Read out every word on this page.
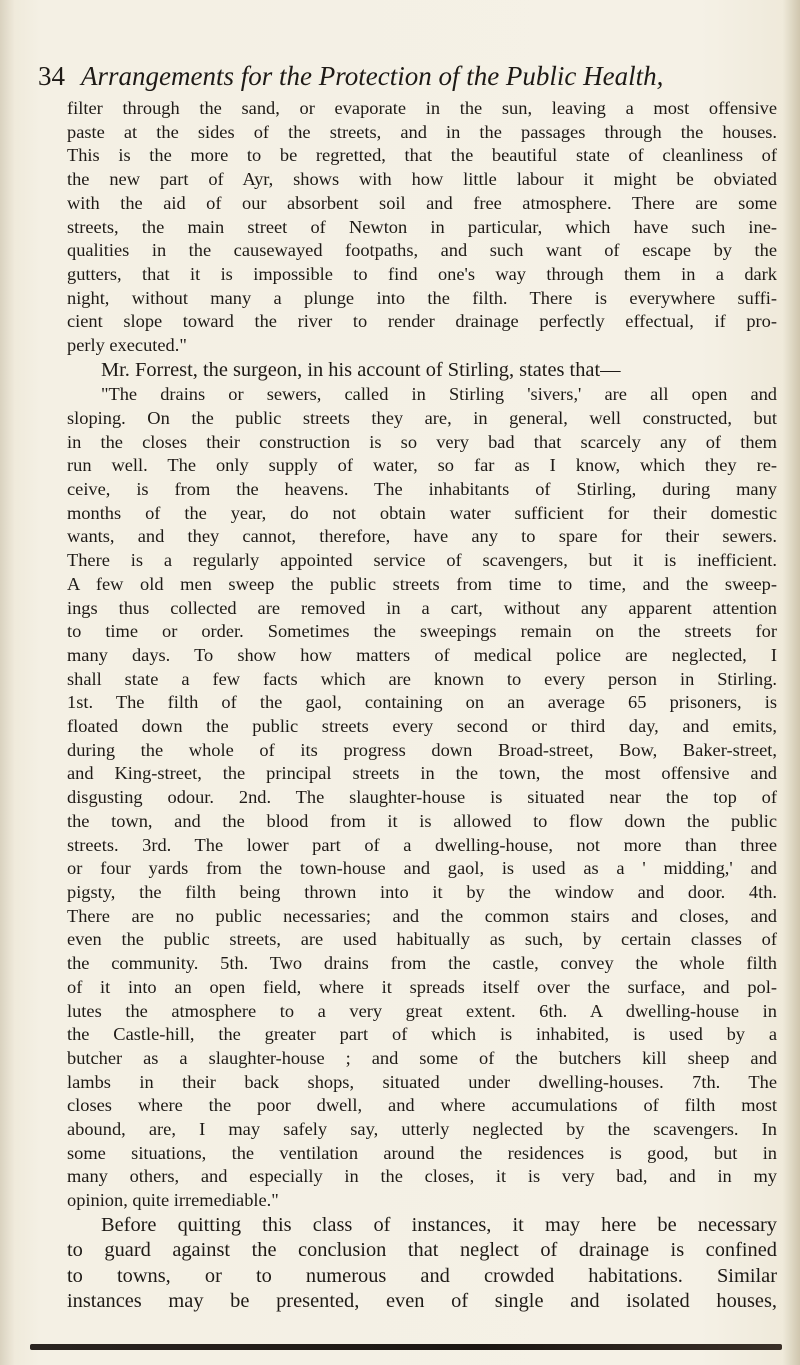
34 Arrangements for the Protection of the Public Health,
filter through the sand, or evaporate in the sun, leaving a most offensive
paste at the sides of the streets, and in the passages through the houses.
This is the more to be regretted, that the beautiful state of cleanliness of
the new part of Ayr, shows with how little labour it might be obviated
with the aid of our absorbent soil and free atmosphere. There are some
streets, the main street of Newton in particular, which have such ine-
qualities in the causewayed footpaths, and such want of escape by the
gutters, that it is impossible to find one's way through them in a dark
night, without many a plunge into the filth. There is everywhere suffi-
cient slope toward the river to render drainage perfectly effectual, if pro-
perly executed."
Mr. Forrest, the surgeon, in his account of Stirling, states that—
"The drains or sewers, called in Stirling 'sivers,' are all open and
sloping. On the public streets they are, in general, well constructed, but
in the closes their construction is so very bad that scarcely any of them
run well. The only supply of water, so far as I know, which they re-
ceive, is from the heavens. The inhabitants of Stirling, during many
months of the year, do not obtain water sufficient for their domestic
wants, and they cannot, therefore, have any to spare for their sewers.
There is a regularly appointed service of scavengers, but it is inefficient.
A few old men sweep the public streets from time to time, and the sweep-
ings thus collected are removed in a cart, without any apparent attention
to time or order. Sometimes the sweepings remain on the streets for
many days. To show how matters of medical police are neglected, I
shall state a few facts which are known to every person in Stirling.
1st. The filth of the gaol, containing on an average 65 prisoners, is
floated down the public streets every second or third day, and emits,
during the whole of its progress down Broad-street, Bow, Baker-street,
and King-street, the principal streets in the town, the most offensive and
disgusting odour. 2nd. The slaughter-house is situated near the top of
the town, and the blood from it is allowed to flow down the public
streets. 3rd. The lower part of a dwelling-house, not more than three
or four yards from the town-house and gaol, is used as a ' midding,' and
pigsty, the filth being thrown into it by the window and door. 4th.
There are no public necessaries; and the common stairs and closes, and
even the public streets, are used habitually as such, by certain classes of
the community. 5th. Two drains from the castle, convey the whole filth
of it into an open field, where it spreads itself over the surface, and pol-
lutes the atmosphere to a very great extent. 6th. A dwelling-house in
the Castle-hill, the greater part of which is inhabited, is used by a
butcher as a slaughter-house ; and some of the butchers kill sheep and
lambs in their back shops, situated under dwelling-houses. 7th. The
closes where the poor dwell, and where accumulations of filth most
abound, are, I may safely say, utterly neglected by the scavengers. In
some situations, the ventilation around the residences is good, but in
many others, and especially in the closes, it is very bad, and in my
opinion, quite irremediable."
Before quitting this class of instances, it may here be necessary
to guard against the conclusion that neglect of drainage is confined
to towns, or to numerous and crowded habitations. Similar
instances may be presented, even of single and isolated houses,
